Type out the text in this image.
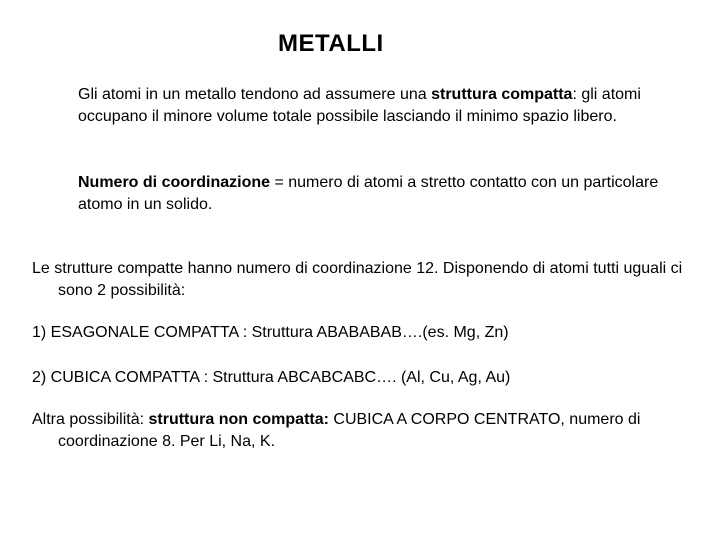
METALLI
Gli atomi in un metallo tendono ad assumere una struttura compatta: gli atomi occupano il minore volume totale possibile lasciando il minimo spazio libero.
Numero di coordinazione = numero di atomi a stretto contatto con un particolare atomo in un solido.
Le strutture compatte hanno numero di coordinazione 12. Disponendo di atomi tutti uguali ci sono 2 possibilità:
1) ESAGONALE COMPATTA : Struttura ABABABAB….(es. Mg, Zn)
2) CUBICA COMPATTA : Struttura ABCABCABC…. (Al, Cu, Ag, Au)
Altra possibilità: struttura non compatta: CUBICA A CORPO CENTRATO, numero di coordinazione 8. Per Li, Na, K.
